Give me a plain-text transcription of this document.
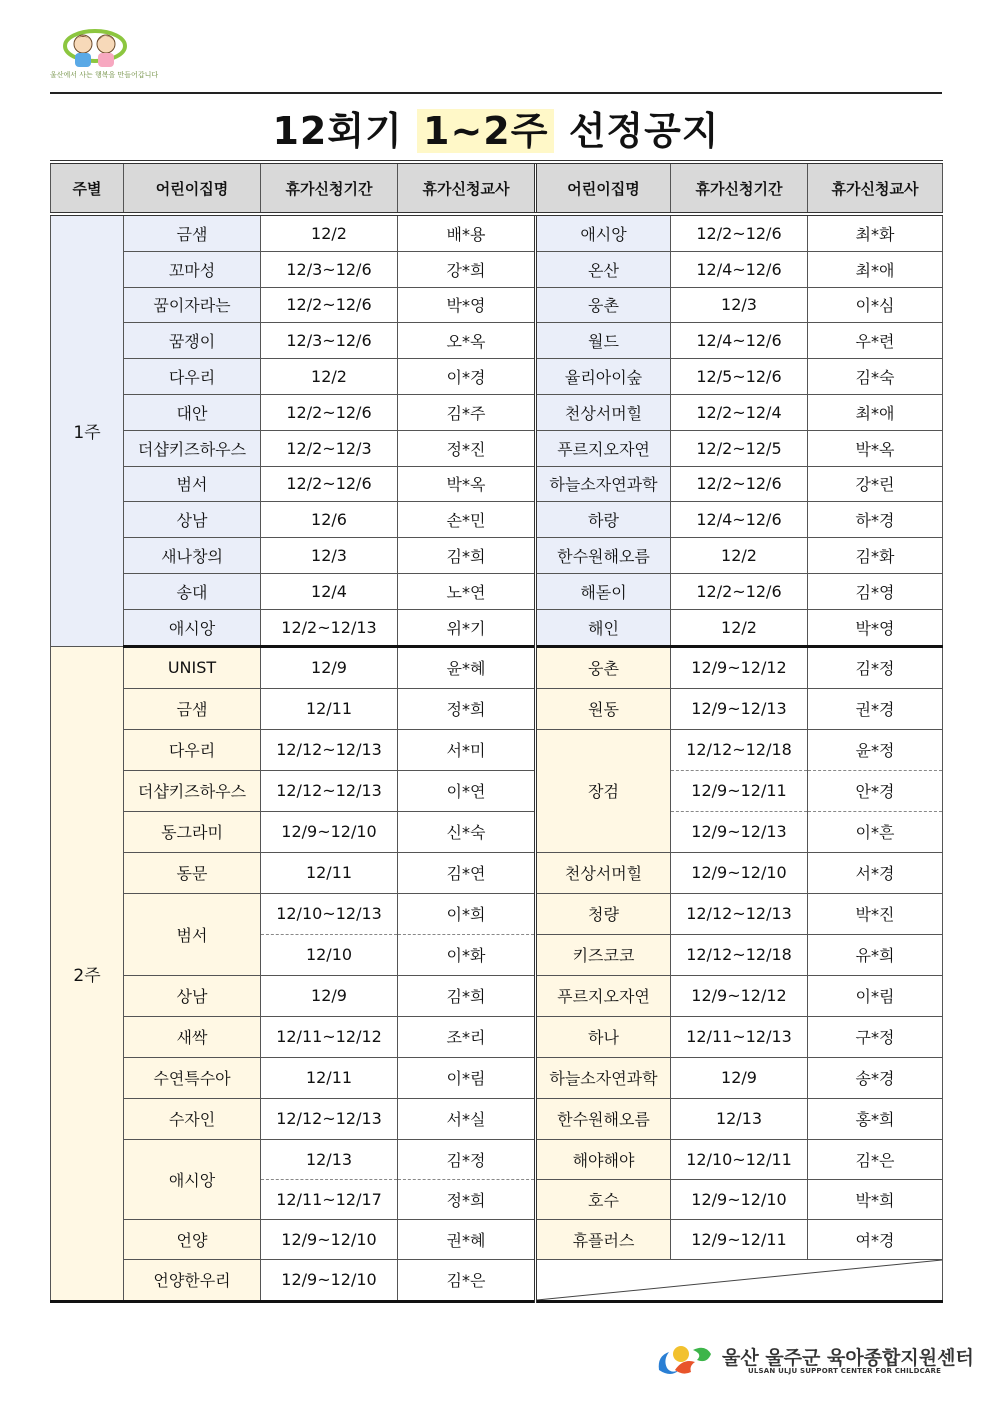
울산에서 사는 행복을 만들어갑니다
12회기 1~2주 선정공지
주별	어린이집명	휴가신청기간	휴가신청교사	어린이집명	휴가신청기간	휴가신청교사
1주	금샘	12/2	배*용	애시앙	12/2~12/6	최*화
	꼬마성	12/3~12/6	강*희	온산	12/4~12/6	최*애
	꿈이자라는	12/2~12/6	박*영	웅촌	12/3	이*심
	꿈쟁이	12/3~12/6	오*옥	월드	12/4~12/6	우*련
	다우리	12/2	이*경	율리아이숲	12/5~12/6	김*숙
	대안	12/2~12/6	김*주	천상서머힐	12/2~12/4	최*애
	더샵키즈하우스	12/2~12/3	정*진	푸르지오자연	12/2~12/5	박*옥
	범서	12/2~12/6	박*옥	하늘소자연과학	12/2~12/6	강*린
	상남	12/6	손*민	하랑	12/4~12/6	하*경
	새나창의	12/3	김*희	한수원해오름	12/2	김*화
	송대	12/4	노*연	해돋이	12/2~12/6	김*영
	애시앙	12/2~12/13	위*기	해인	12/2	박*영
2주	UNIST	12/9	윤*혜	웅촌	12/9~12/12	김*정
	금샘	12/11	정*희	원동	12/9~12/13	권*경
	다우리	12/12~12/13	서*미	장검	12/12~12/18	윤*정
	더샵키즈하우스	12/12~12/13	이*연		12/9~12/11	안*경
	동그라미	12/9~12/10	신*숙		12/9~12/13	이*흔
	동문	12/11	김*연	천상서머힐	12/9~12/10	서*경
	범서	12/10~12/13	이*희	청량	12/12~12/13	박*진
		12/10	이*화	키즈코코	12/12~12/18	유*희
	상남	12/9	김*희	푸르지오자연	12/9~12/12	이*림
	새싹	12/11~12/12	조*리	하나	12/11~12/13	구*정
	수연특수아	12/11	이*림	하늘소자연과학	12/9	송*경
	수자인	12/12~12/13	서*실	한수원해오름	12/13	홍*희
	애시앙	12/13	김*정	해야해야	12/10~12/11	김*은
		12/11~12/17	정*희	호수	12/9~12/10	박*희
	언양	12/9~12/10	권*혜	휴플러스	12/9~12/11	여*경
	언양한우리	12/9~12/10	김*은	
울산 울주군 육아종합지원센터
ULSAN ULJU SUPPORT CENTER FOR CHILDCARE
